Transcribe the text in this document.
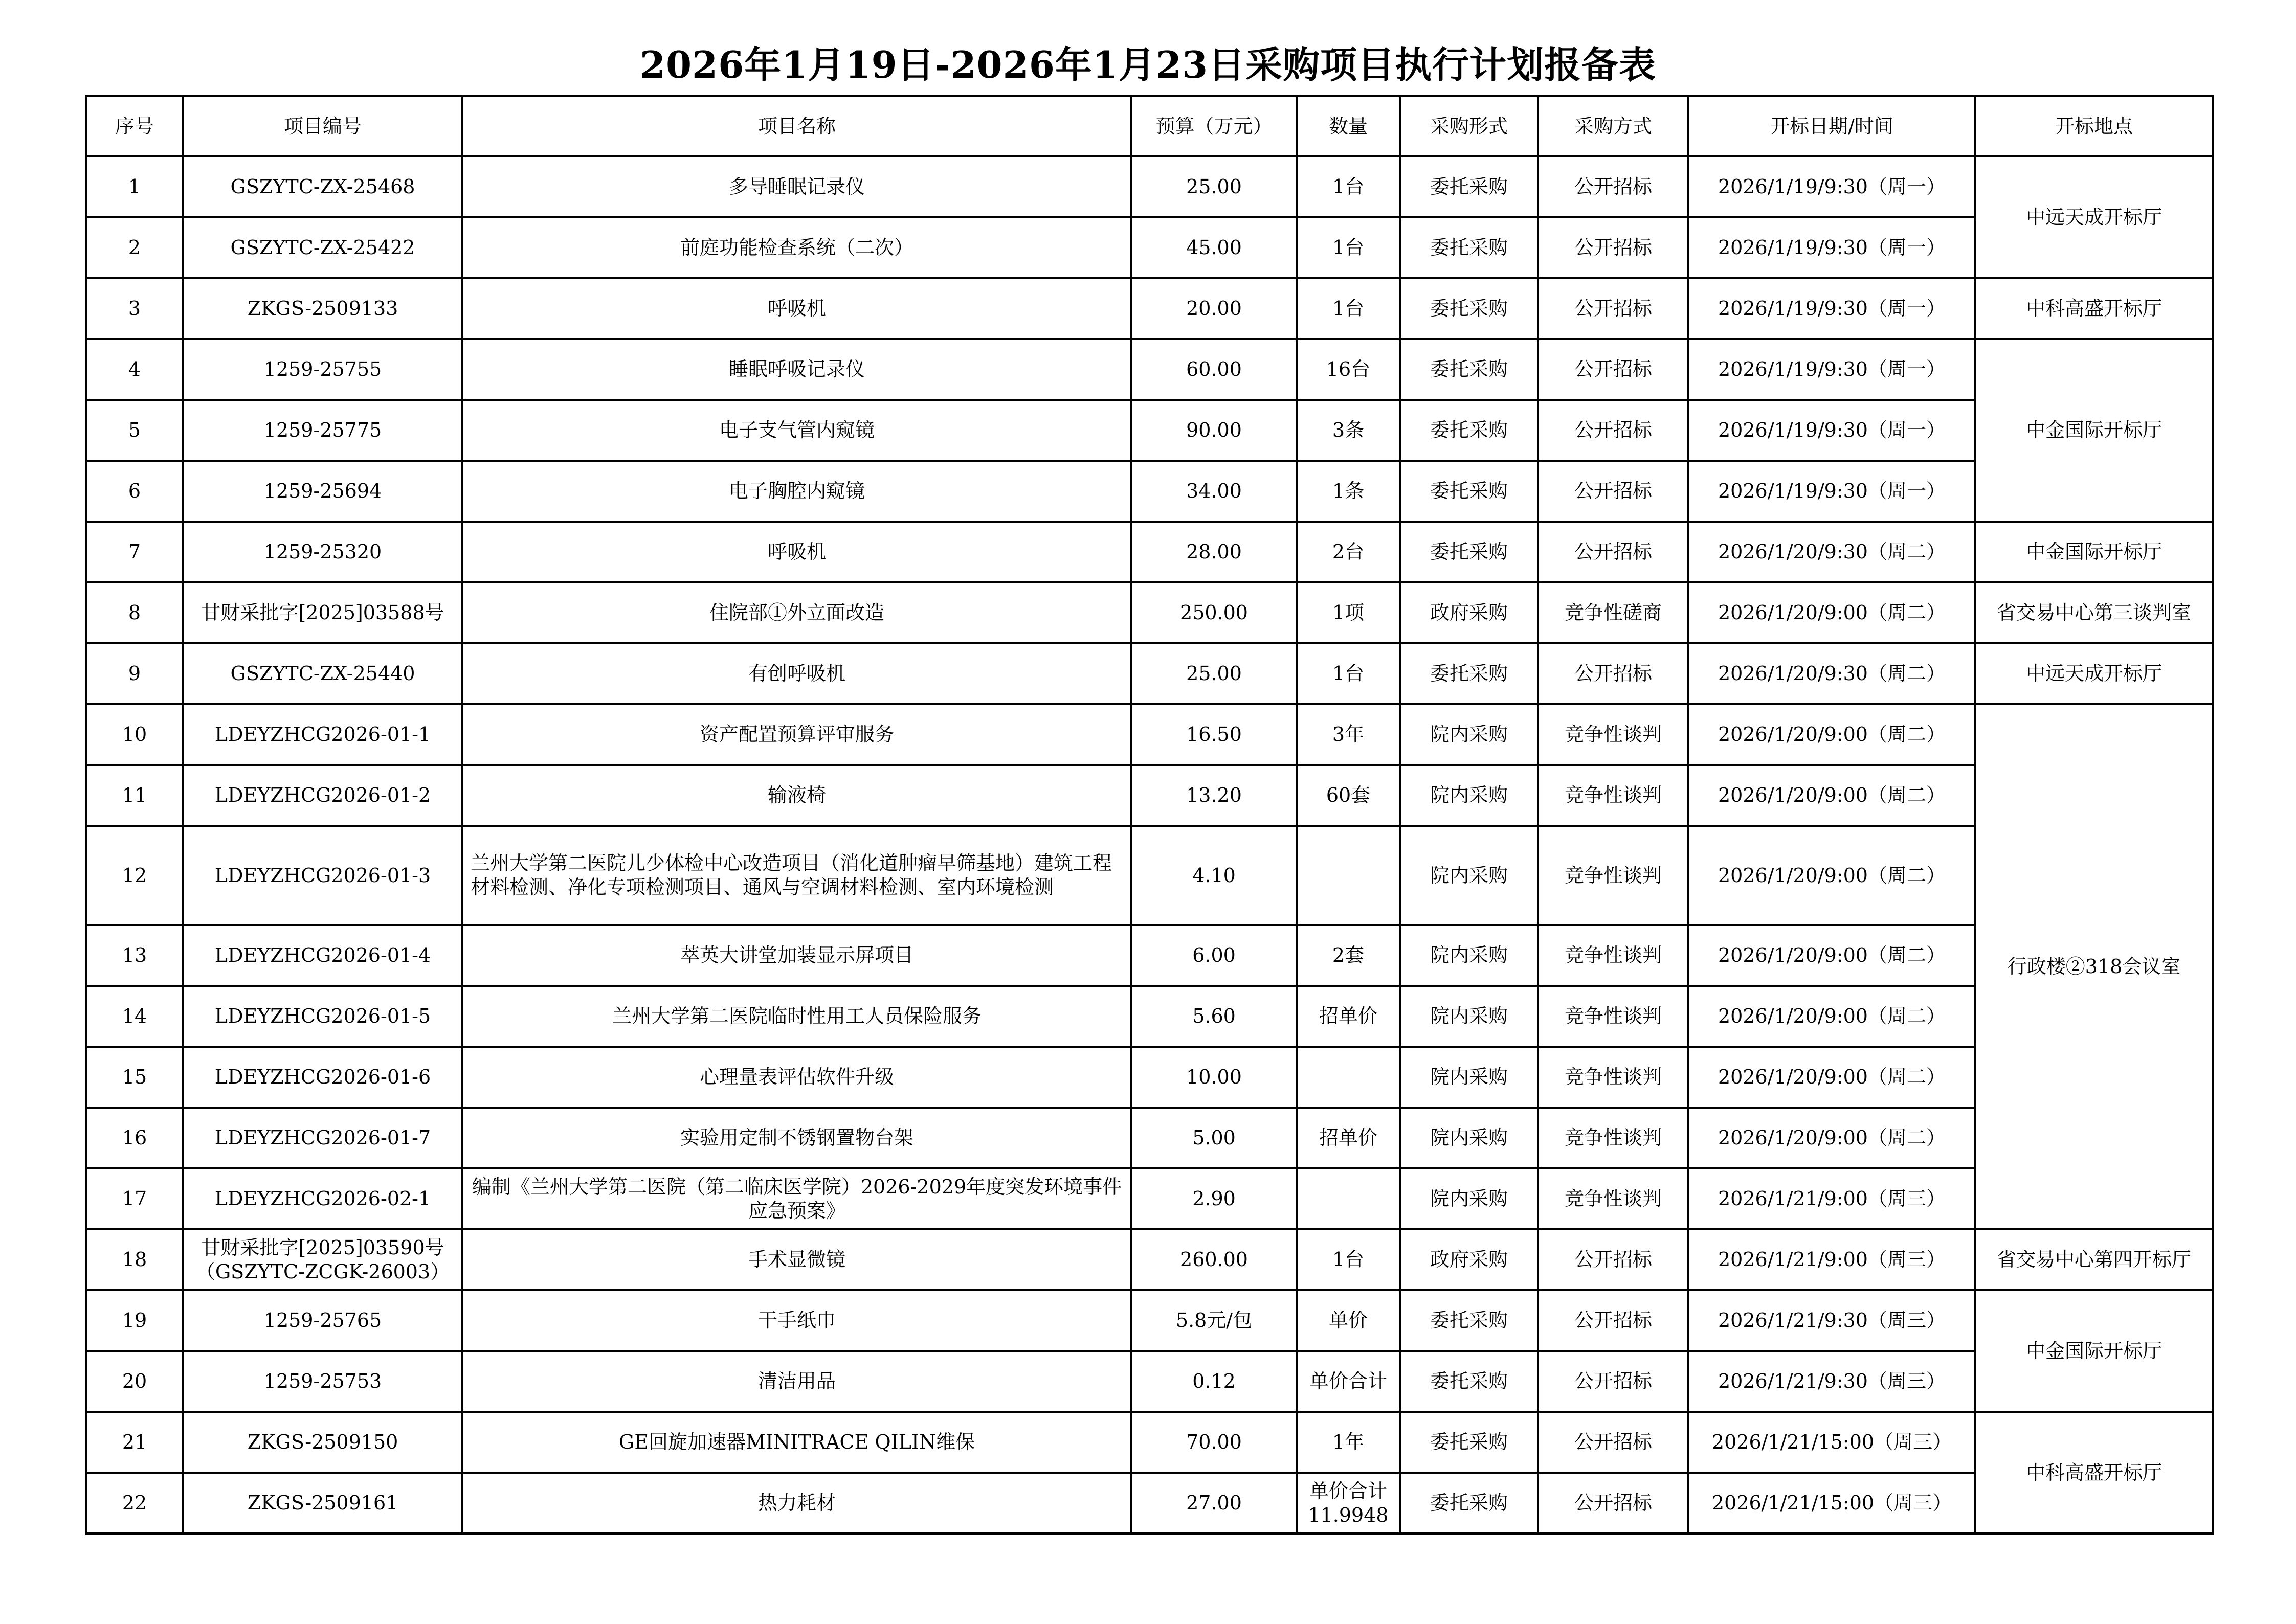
2026年1月19日-2026年1月23日采购项目执行计划报备表
序号	项目编号	项目名称	预算（万元）	数量	采购形式	采购方式	开标日期/时间	开标地点
1	GSZYTC-ZX-25468	多导睡眠记录仪	25.00	1台	委托采购	公开招标	2026/1/19/9:30（周一）	中远天成开标厅
2	GSZYTC-ZX-25422	前庭功能检查系统（二次）	45.00	1台	委托采购	公开招标	2026/1/19/9:30（周一）	
3	ZKGS-2509133	呼吸机	20.00	1台	委托采购	公开招标	2026/1/19/9:30（周一）	中科高盛开标厅
4	1259-25755	睡眠呼吸记录仪	60.00	16台	委托采购	公开招标	2026/1/19/9:30（周一）	中金国际开标厅
5	1259-25775	电子支气管内窥镜	90.00	3条	委托采购	公开招标	2026/1/19/9:30（周一）	
6	1259-25694	电子胸腔内窥镜	34.00	1条	委托采购	公开招标	2026/1/19/9:30（周一）	
7	1259-25320	呼吸机	28.00	2台	委托采购	公开招标	2026/1/20/9:30（周二）	中金国际开标厅
8	甘财采批字[2025]03588号	住院部①外立面改造	250.00	1项	政府采购	竞争性磋商	2026/1/20/9:00（周二）	省交易中心第三谈判室
9	GSZYTC-ZX-25440	有创呼吸机	25.00	1台	委托采购	公开招标	2026/1/20/9:30（周二）	中远天成开标厅
10	LDEYZHCG2026-01-1	资产配置预算评审服务	16.50	3年	院内采购	竞争性谈判	2026/1/20/9:00（周二）	行政楼②318会议室
11	LDEYZHCG2026-01-2	输液椅	13.20	60套	院内采购	竞争性谈判	2026/1/20/9:00（周二）	
12	LDEYZHCG2026-01-3	兰州大学第二医院儿少体检中心改造项目（消化道肿瘤早筛基地）建筑工程材料检测、净化专项检测项目、通风与空调材料检测、室内环境检测	4.10		院内采购	竞争性谈判	2026/1/20/9:00（周二）	
13	LDEYZHCG2026-01-4	萃英大讲堂加装显示屏项目	6.00	2套	院内采购	竞争性谈判	2026/1/20/9:00（周二）	
14	LDEYZHCG2026-01-5	兰州大学第二医院临时性用工人员保险服务	5.60	招单价	院内采购	竞争性谈判	2026/1/20/9:00（周二）	
15	LDEYZHCG2026-01-6	心理量表评估软件升级	10.00		院内采购	竞争性谈判	2026/1/20/9:00（周二）	
16	LDEYZHCG2026-01-7	实验用定制不锈钢置物台架	5.00	招单价	院内采购	竞争性谈判	2026/1/20/9:00（周二）	
17	LDEYZHCG2026-02-1	编制《兰州大学第二医院（第二临床医学院）2026-2029年度突发环境事件应急预案》	2.90		院内采购	竞争性谈判	2026/1/21/9:00（周三）	
18	甘财采批字[2025]03590号（GSZYTC-ZCGK-26003）	手术显微镜	260.00	1台	政府采购	公开招标	2026/1/21/9:00（周三）	省交易中心第四开标厅
19	1259-25765	干手纸巾	5.8元/包	单价	委托采购	公开招标	2026/1/21/9:30（周三）	中金国际开标厅
20	1259-25753	清洁用品	0.12	单价合计	委托采购	公开招标	2026/1/21/9:30（周三）	
21	ZKGS-2509150	GE回旋加速器MINITRACE QILIN维保	70.00	1年	委托采购	公开招标	2026/1/21/15:00（周三）	中科高盛开标厅
22	ZKGS-2509161	热力耗材	27.00	单价合计11.9948	委托采购	公开招标	2026/1/21/15:00（周三）	
